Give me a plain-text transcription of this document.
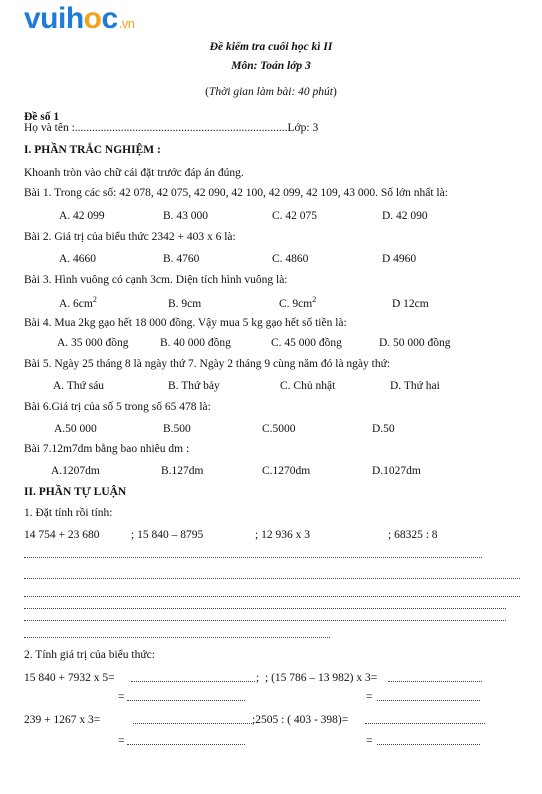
vuihoc.vn
Đề kiểm tra cuối học kì II
Môn: Toán lớp 3
(Thời gian làm bài: 40 phút)
Đề số 1
Họ và tên :..........................................................................Lớp: 3
I. PHẦN TRẮC NGHIỆM :
Khoanh tròn vào chữ cái đặt trước đáp án đúng.
Bài 1. Trong các số: 42 078, 42 075, 42 090, 42 100, 42 099, 42 109, 43 000. Số lớn nhất là:
A. 42 099	B. 43 000	C. 42 075	D. 42 090
Bài 2. Giá trị của biểu thức 2342 + 403 x 6 là:
A. 4660	B. 4760	C. 4860	D 4960
Bài 3. Hình vuông có cạnh 3cm. Diện tích hình vuông là:
A. $6cm^2$	B. 9cm	C. $9cm^2$	D 12cm
Bài 4. Mua 2kg gạo hết 18 000 đồng. Vậy mua 5 kg gạo hết số tiền là:
A. 35 000 đồng	B. 40 000 đồng	C. 45 000 đồng	D. 50 000 đồng
Bài 5. Ngày 25 tháng 8 là ngày thứ 7. Ngày 2 tháng 9 cùng năm đó là ngày thứ:
A. Thứ sáu	B. Thứ bảy	C. Chủ nhật	D. Thứ hai
Bài 6.Giá trị của số 5 trong số 65 478 là:
A.50 000	B.500	C.5000	D.50
Bài 7.12m7dm bằng bao nhiêu dm :
A.1207dm	B.127dm	C.1270dm	D.1027dm
II. PHẦN TỰ LUẬN
1. Đặt tính rồi tính:
14 754 + 23 680	; 15 840 – 8795	; 12 936 x 3	; 68325 : 8
2. Tính giá trị của biểu thức:
15 840 + 7932 x 5=	; ; (15 786 – 13 982) x 3=
=	=
239 + 1267 x 3=	;2505 : ( 403 - 398)=
=	=
